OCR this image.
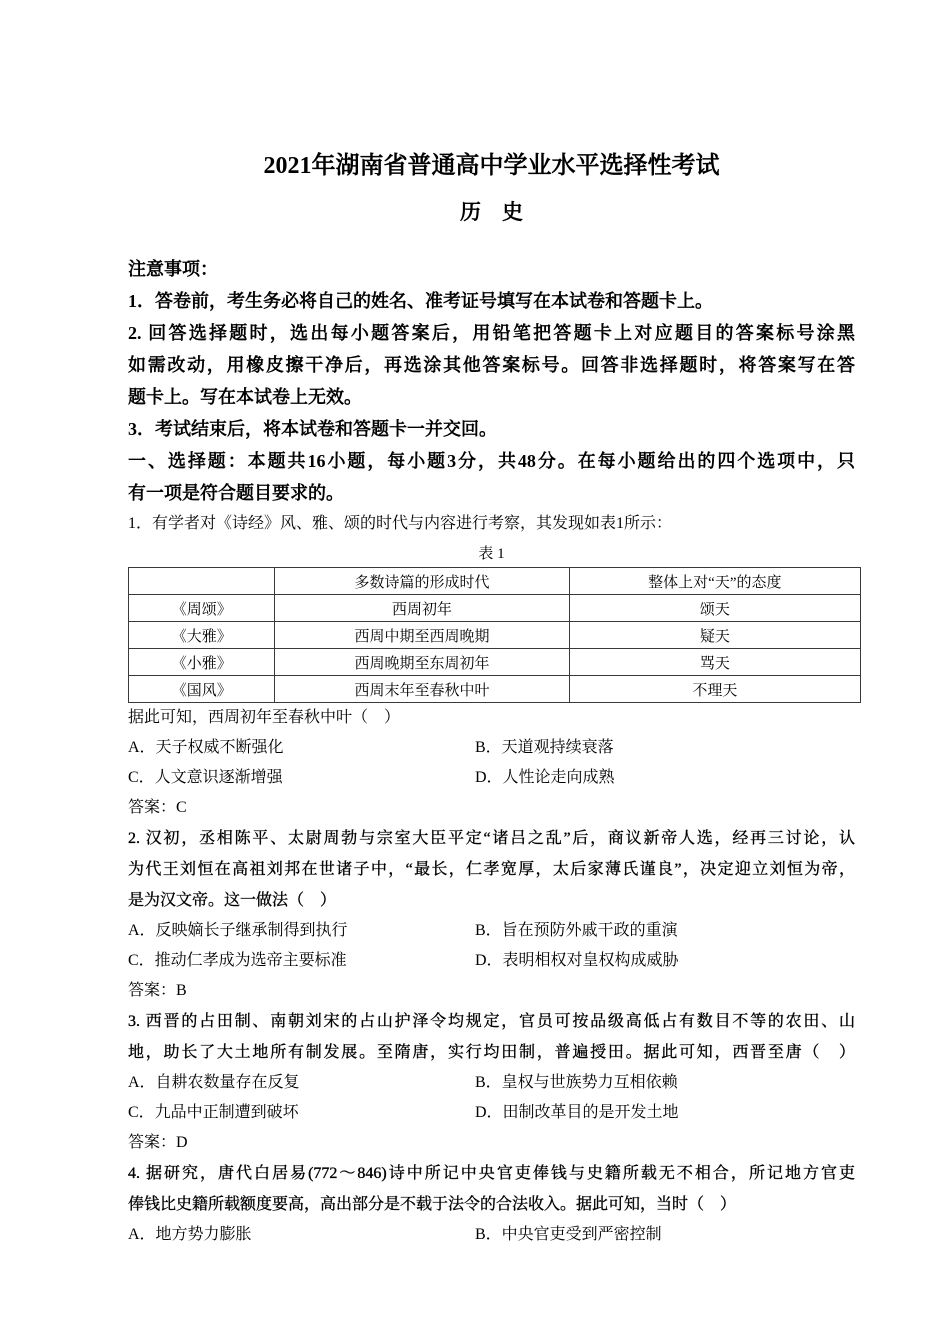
2021年湖南省普通高中学业水平选择性考试
历　史
注意事项：
1．答卷前，考生务必将自己的姓名、准考证号填写在本试卷和答题卡上。
2. 回答选择题时，选出每小题答案后，用铅笔把答题卡上对应题目的答案标号涂黑
如需改动，用橡皮擦干净后，再选涂其他答案标号。回答非选择题时，将答案写在答
题卡上。写在本试卷上无效。
3．考试结束后，将本试卷和答题卡一并交回。
一、选择题：本题共16小题，每小题3分，共48分。在每小题给出的四个选项中，只
有一项是符合题目要求的。
1．有学者对《诗经》风、雅、颂的时代与内容进行考察，其发现如表1所示：
表 1
	多数诗篇的形成时代	整体上对“天”的态度
《周颂》	西周初年	颂天
《大雅》	西周中期至西周晚期	疑天
《小雅》	西周晚期至东周初年	骂天
《国风》	西周末年至春秋中叶	不理天
据此可知，西周初年至春秋中叶（　）
A．天子权威不断强化	B．天道观持续衰落
C．人文意识逐渐增强	D．人性论走向成熟
答案：C
2. 汉初，丞相陈平、太尉周勃与宗室大臣平定“诸吕之乱”后，商议新帝人选，经再三讨论，认
为代王刘恒在高祖刘邦在世诸子中，“最长，仁孝宽厚，太后家薄氏谨良”，决定迎立刘恒为帝，
是为汉文帝。这一做法（　）
A．反映嫡长子继承制得到执行	B．旨在预防外戚干政的重演
C．推动仁孝成为选帝主要标准	D．表明相权对皇权构成威胁
答案：B
3. 西晋的占田制、南朝刘宋的占山护泽令均规定，官员可按品级高低占有数目不等的农田、山
地，助长了大土地所有制发展。至隋唐，实行均田制，普遍授田。据此可知，西晋至唐（　）
A．自耕农数量存在反复	B．皇权与世族势力互相依赖
C．九品中正制遭到破坏	D．田制改革目的是开发土地
答案：D
4. 据研究，唐代白居易(772～846)诗中所记中央官吏俸钱与史籍所载无不相合，所记地方官吏
俸钱比史籍所载额度要高，高出部分是不载于法令的合法收入。据此可知，当时（　）
A．地方势力膨胀	B．中央官吏受到严密控制
